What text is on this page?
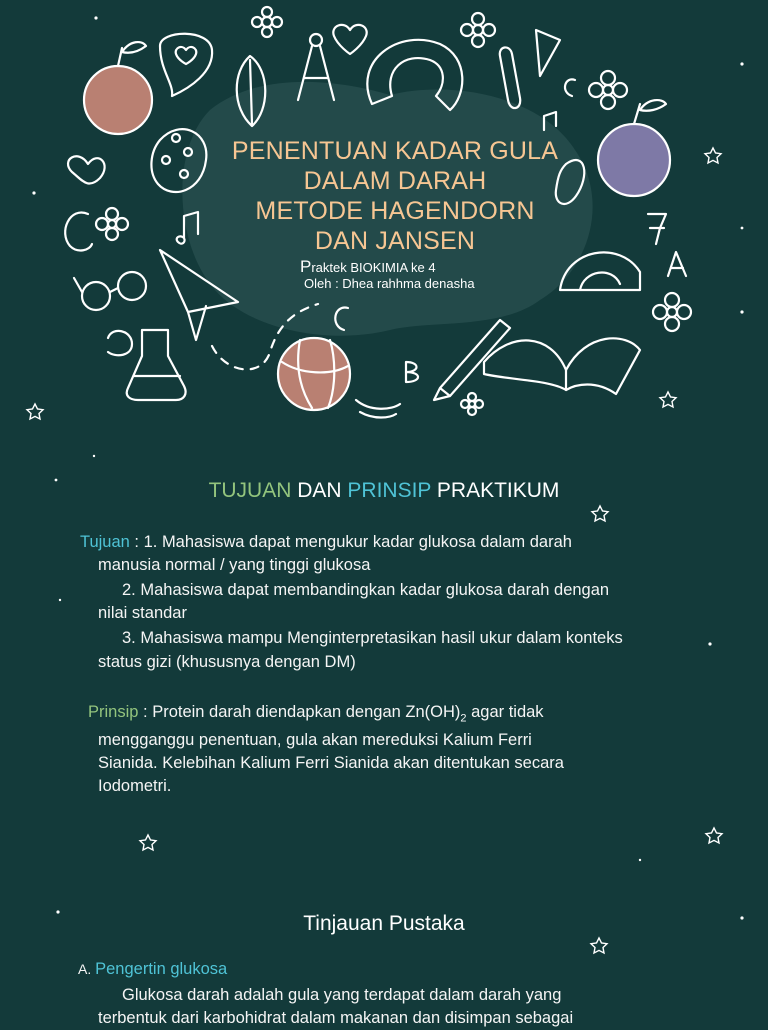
PENENTUAN KADAR GULA
DALAM DARAH
METODE HAGENDORN
DAN JANSEN
Praktek BIOKIMIA ke 4
Oleh : Dhea rahhma denasha
TUJUAN DAN PRINSIP PRAKTIKUM
Tujuan : 1. Mahasiswa dapat mengukur kadar glukosa dalam darah
manusia normal / yang tinggi glukosa
2. Mahasiswa dapat membandingkan kadar glukosa darah dengan
nilai standar
3. Mahasiswa mampu Menginterpretasikan hasil ukur dalam konteks
status gizi (khususnya dengan DM)
Prinsip : Protein darah diendapkan dengan $Zn(OH)_2$ agar tidak
mengganggu penentuan, gula akan mereduksi Kalium Ferri
Sianida. Kelebihan Kalium Ferri Sianida akan ditentukan secara
Iodometri.
Tinjauan Pustaka
A. Pengertin glukosa
Glukosa darah adalah gula yang terdapat dalam darah yang
terbentuk dari karbohidrat dalam makanan dan disimpan sebagai
